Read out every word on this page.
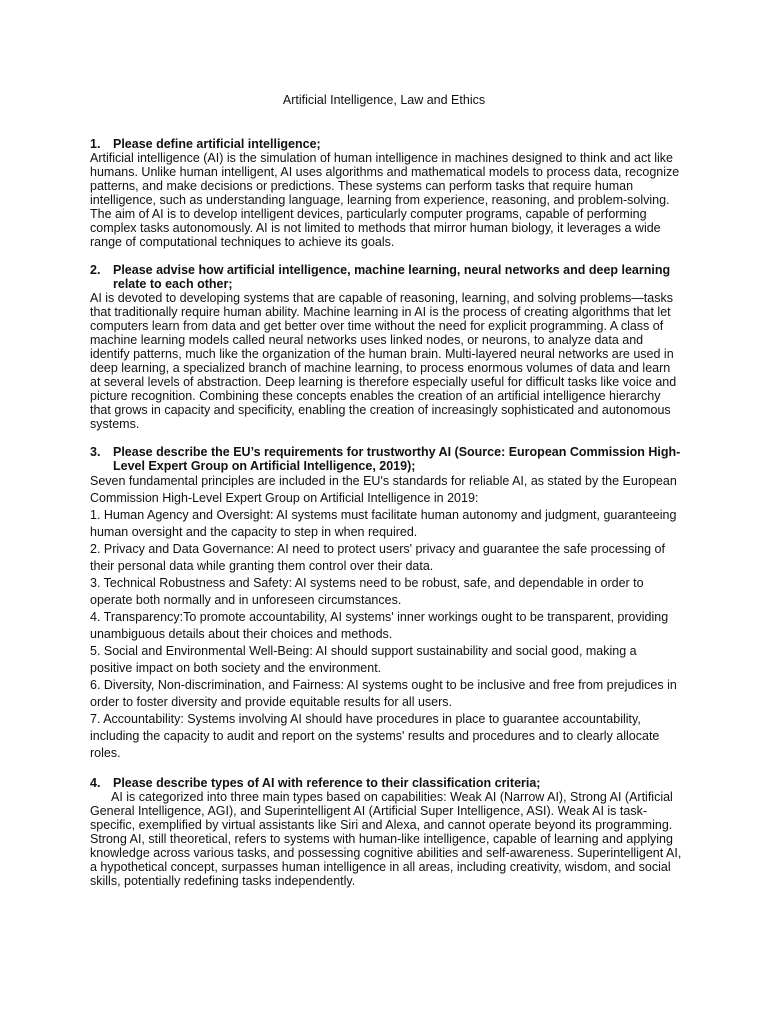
Artificial Intelligence, Law and Ethics
1.	Please define artificial intelligence;
Artificial intelligence (AI) is the simulation of human intelligence in machines designed to think and act like humans. Unlike human intelligent, AI uses algorithms and mathematical models to process data, recognize patterns, and make decisions or predictions. These systems can perform tasks that require human intelligence, such as understanding language, learning from experience, reasoning, and problem-solving. The aim of AI is to develop intelligent devices, particularly computer programs, capable of performing complex tasks autonomously. AI is not limited to methods that mirror human biology, it leverages a wide range of computational techniques to achieve its goals.
2.	Please advise how artificial intelligence, machine learning, neural networks and deep learning relate to each other;
AI is devoted to developing systems that are capable of reasoning, learning, and solving problems—tasks that traditionally require human ability. Machine learning in AI is the process of creating algorithms that let computers learn from data and get better over time without the need for explicit programming. A class of machine learning models called neural networks uses linked nodes, or neurons, to analyze data and identify patterns, much like the organization of the human brain. Multi-layered neural networks are used in deep learning, a specialized branch of machine learning, to process enormous volumes of data and learn at several levels of abstraction. Deep learning is therefore especially useful for difficult tasks like voice and picture recognition. Combining these concepts enables the creation of an artificial intelligence hierarchy that grows in capacity and specificity, enabling the creation of increasingly sophisticated and autonomous systems.
3.	Please describe the EU’s requirements for trustworthy AI (Source: European Commission High-Level Expert Group on Artificial Intelligence, 2019);
Seven fundamental principles are included in the EU's standards for reliable AI, as stated by the European Commission High-Level Expert Group on Artificial Intelligence in 2019:
1. Human Agency and Oversight: AI systems must facilitate human autonomy and judgment, guaranteeing human oversight and the capacity to step in when required.
2. Privacy and Data Governance: AI need to protect users' privacy and guarantee the safe processing of their personal data while granting them control over their data.
3. Technical Robustness and Safety: AI systems need to be robust, safe, and dependable in order to operate both normally and in unforeseen circumstances.
4. Transparency:To promote accountability, AI systems' inner workings ought to be transparent, providing unambiguous details about their choices and methods.
5. Social and Environmental Well-Being: AI should support sustainability and social good, making a positive impact on both society and the environment.
6. Diversity, Non-discrimination, and Fairness: AI systems ought to be inclusive and free from prejudices in order to foster diversity and provide equitable results for all users.
7. Accountability: Systems involving AI should have procedures in place to guarantee accountability, including the capacity to audit and report on the systems' results and procedures and to clearly allocate roles.
4.	Please describe types of AI with reference to their classification criteria;
AI is categorized into three main types based on capabilities: Weak AI (Narrow AI), Strong AI (Artificial General Intelligence, AGI), and Superintelligent AI (Artificial Super Intelligence, ASI). Weak AI is task-specific, exemplified by virtual assistants like Siri and Alexa, and cannot operate beyond its programming. Strong AI, still theoretical, refers to systems with human-like intelligence, capable of learning and applying knowledge across various tasks, and possessing cognitive abilities and self-awareness. Superintelligent AI, a hypothetical concept, surpasses human intelligence in all areas, including creativity, wisdom, and social skills, potentially redefining tasks independently.
